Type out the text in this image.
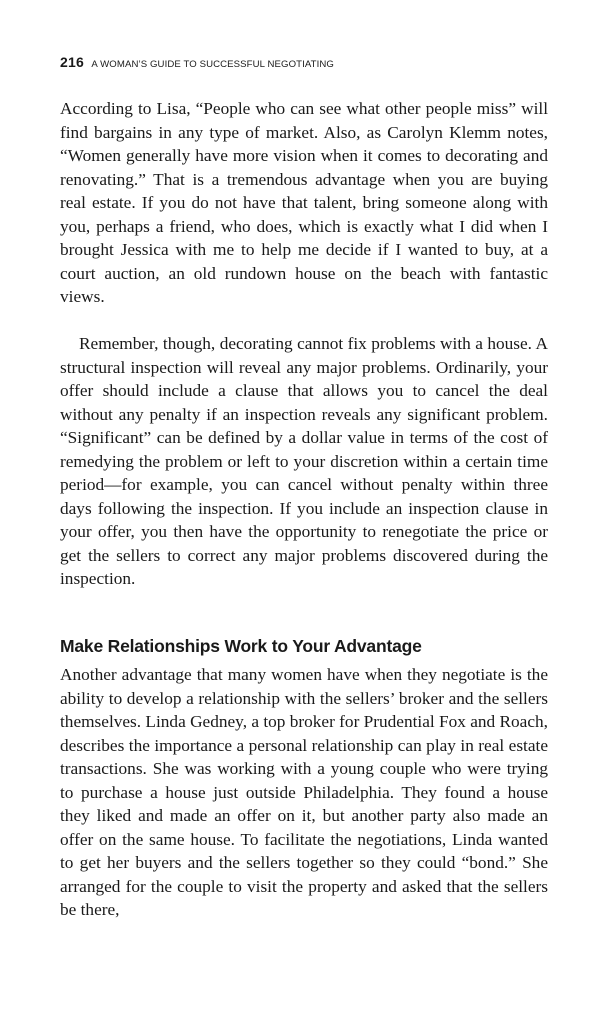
216 A WOMAN’S GUIDE TO SUCCESSFUL NEGOTIATING

According to Lisa, “People who can see what other people miss” will find bargains in any type of market. Also, as Carolyn Klemm notes, “Women generally have more vision when it comes to decorating and renovating.” That is a tremendous advantage when you are buying real estate. If you do not have that talent, bring someone along with you, perhaps a friend, who does, which is exactly what I did when I brought Jessica with me to help me decide if I wanted to buy, at a court auction, an old rundown house on the beach with fantastic views.

Remember, though, decorating cannot fix problems with a house. A structural inspection will reveal any major problems. Ordinarily, your offer should include a clause that allows you to cancel the deal without any penalty if an inspection reveals any significant problem. “Significant” can be defined by a dollar value in terms of the cost of remedying the problem or left to your discretion within a certain time period—for example, you can cancel without penalty within three days following the inspection. If you include an inspection clause in your offer, you then have the opportunity to renegotiate the price or get the sellers to correct any major problems discovered during the inspection.

Make Relationships Work to Your Advantage

Another advantage that many women have when they negotiate is the ability to develop a relationship with the sellers’ broker and the sellers themselves. Linda Gedney, a top broker for Prudential Fox and Roach, describes the importance a personal relationship can play in real estate transactions. She was working with a young couple who were trying to purchase a house just outside Philadelphia. They found a house they liked and made an offer on it, but another party also made an offer on the same house. To facilitate the negotiations, Linda wanted to get her buyers and the sellers together so they could “bond.” She arranged for the couple to visit the property and asked that the sellers be there,
